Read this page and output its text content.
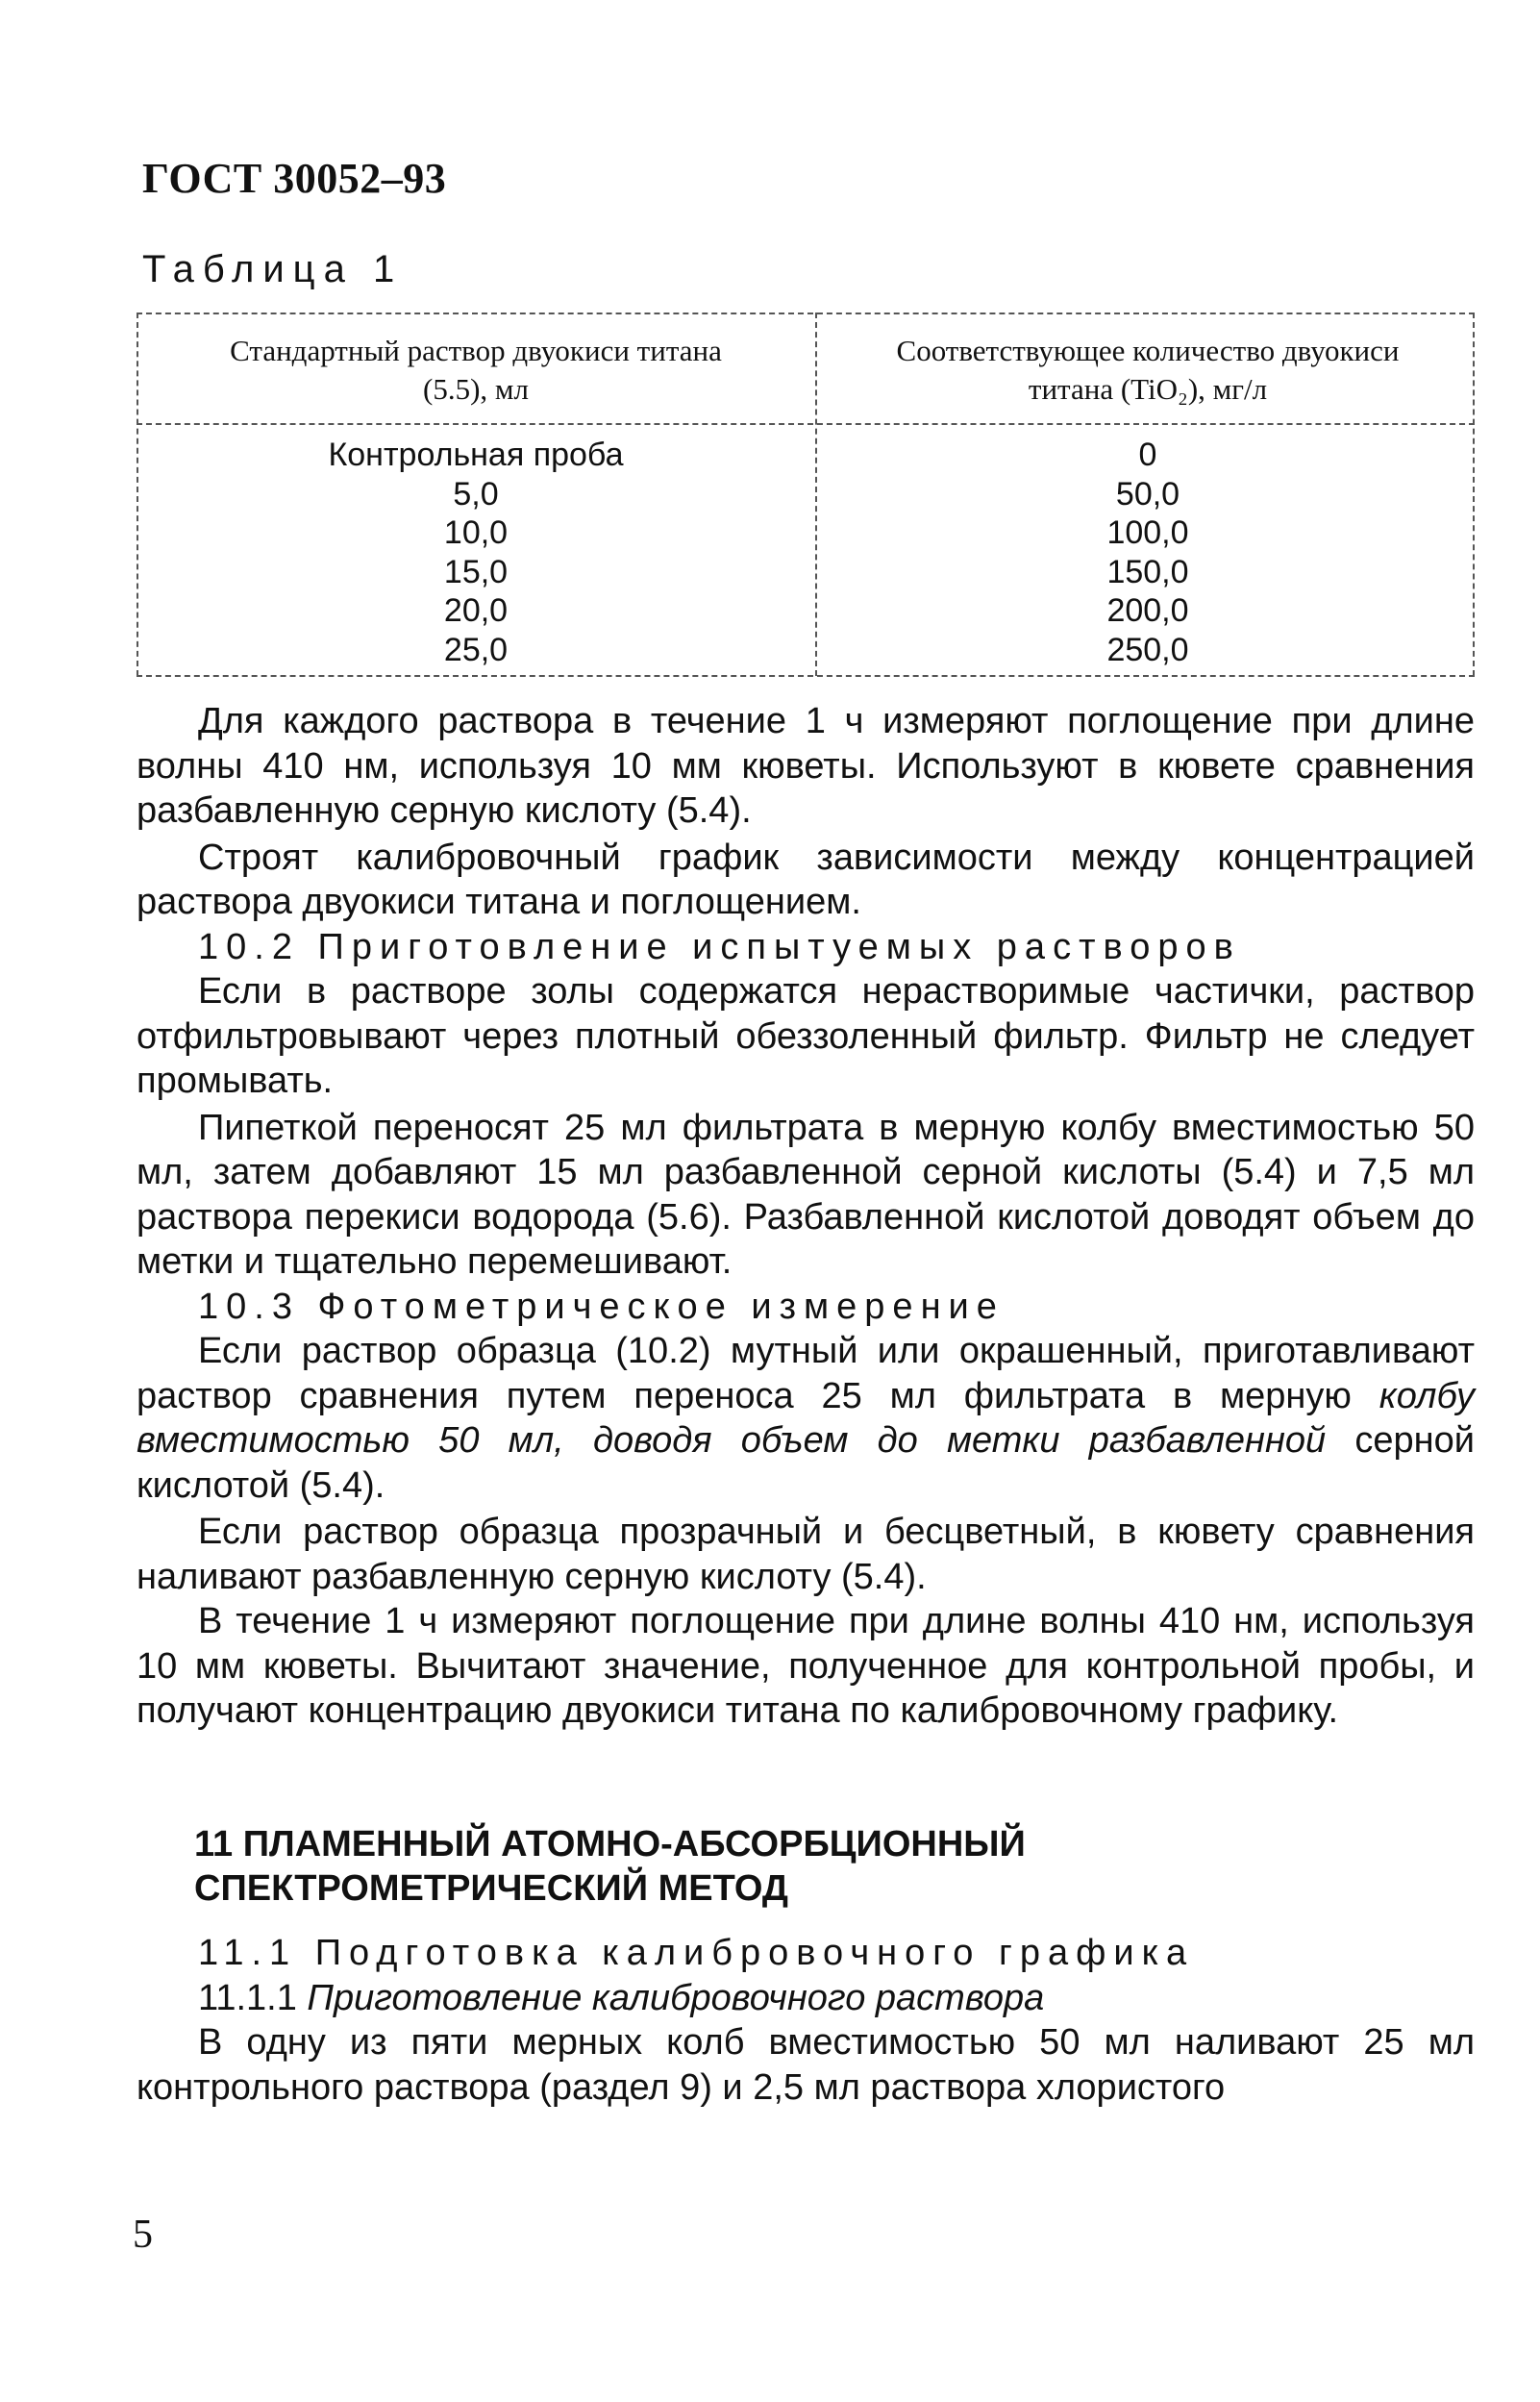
ГОСТ 30052–93
Таблица 1
Стандартный раствор двуокиси титана
(5.5), мл
Соответствующее количество двуокиси
титана (TiO₂), мг/л
Контрольная проба
5,0
10,0
15,0
20,0
25,0
0
50,0
100,0
150,0
200,0
250,0

Для каждого раствора в течение 1 ч измеряют поглощение при длине волны 410 нм, используя 10 мм кюветы. Используют в кювете сравнения разбавленную серную кислоту (5.4).

Строят калибровочный график зависимости между концентрацией раствора двуокиси титана и поглощением.

10.2 Приготовление испытуемых растворов

Если в растворе золы содержатся нерастворимые частички, раствор отфильтровывают через плотный обеззоленный фильтр. Фильтр не следует промывать.

Пипеткой переносят 25 мл фильтрата в мерную колбу вместимостью 50 мл, затем добавляют 15 мл разбавленной серной кислоты (5.4) и 7,5 мл раствора перекиси водорода (5.6). Разбавленной кислотой доводят объем до метки и тщательно перемешивают.

10.3 Фотометрическое измерение

Если раствор образца (10.2) мутный или окрашенный, приготавливают раствор сравнения путем переноса 25 мл фильтрата в мерную колбу вместимостью 50 мл, доводя объем до метки разбавленной серной кислотой (5.4).

Если раствор образца прозрачный и бесцветный, в кювету сравнения наливают разбавленную серную кислоту (5.4).

В течение 1 ч измеряют поглощение при длине волны 410 нм, используя 10 мм кюветы. Вычитают значение, полученное для контрольной пробы, и получают концентрацию двуокиси титана по калибровочному графику.

11 ПЛАМЕННЫЙ АТОМНО-АБСОРБЦИОННЫЙ
СПЕКТРОМЕТРИЧЕСКИЙ МЕТОД

11.1 Подготовка калибровочного графика

11.1.1 Приготовление калибровочного раствора

В одну из пяти мерных колб вместимостью 50 мл наливают 25 мл контрольного раствора (раздел 9) и 2,5 мл раствора хлористого

5
